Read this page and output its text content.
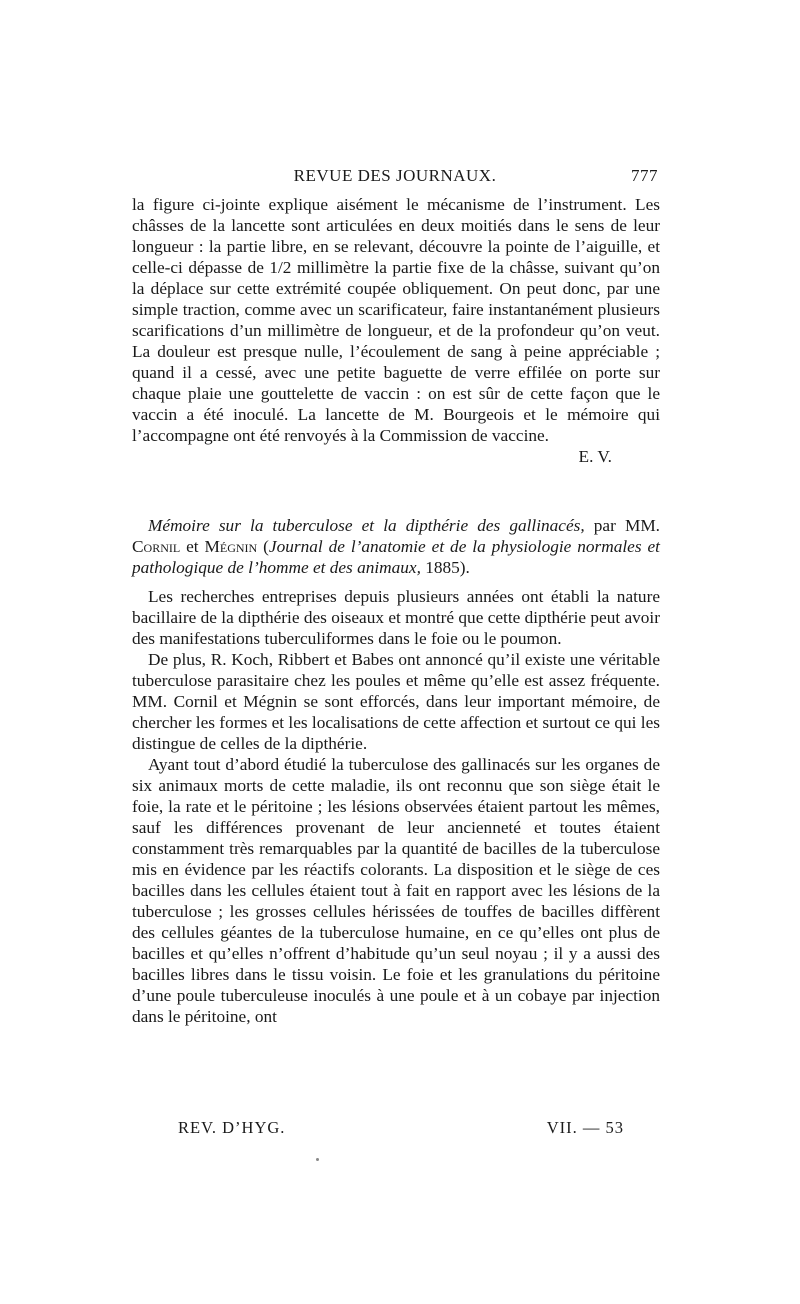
REVUE DES JOURNAUX.	777

la figure ci-jointe explique aisément le mécanisme de l’instrument. Les châsses de la lancette sont articulées en deux moitiés dans le sens de leur longueur : la partie libre, en se relevant, découvre la pointe de l’aiguille, et celle-ci dépasse de 1/2 millimètre la partie fixe de la châsse, suivant qu’on la déplace sur cette extrémité coupée obliquement. On peut donc, par une simple traction, comme avec un scarificateur, faire instantanément plusieurs scarifications d’un millimètre de longueur, et de la profondeur qu’on veut. La douleur est presque nulle, l’écoulement de sang à peine appréciable ; quand il a cessé, avec une petite baguette de verre effilée on porte sur chaque plaie une gouttelette de vaccin : on est sûr de cette façon que le vaccin a été inoculé. La lancette de M. Bourgeois et le mémoire qui l’accompagne ont été renvoyés à la Commission de vaccine.

E. V.

Mémoire sur la tuberculose et la dipthérie des gallinacés, par MM. Cornil et Mégnin (Journal de l’anatomie et de la physiologie normales et pathologique de l’homme et des animaux, 1885).

Les recherches entreprises depuis plusieurs années ont établi la nature bacillaire de la dipthérie des oiseaux et montré que cette dipthérie peut avoir des manifestations tuberculiformes dans le foie ou le poumon.

De plus, R. Koch, Ribbert et Babes ont annoncé qu’il existe une véritable tuberculose parasitaire chez les poules et même qu’elle est assez fréquente. MM. Cornil et Mégnin se sont efforcés, dans leur important mémoire, de chercher les formes et les localisations de cette affection et surtout ce qui les distingue de celles de la dipthérie.

Ayant tout d’abord étudié la tuberculose des gallinacés sur les organes de six animaux morts de cette maladie, ils ont reconnu que son siège était le foie, la rate et le péritoine ; les lésions observées étaient partout les mêmes, sauf les différences provenant de leur ancienneté et toutes étaient constamment très remarquables par la quantité de bacilles de la tuberculose mis en évidence par les réactifs colorants. La disposition et le siège de ces bacilles dans les cellules étaient tout à fait en rapport avec les lésions de la tuberculose ; les grosses cellules hérissées de touffes de bacilles diffèrent des cellules géantes de la tuberculose humaine, en ce qu’elles ont plus de bacilles et qu’elles n’offrent d’habitude qu’un seul noyau ; il y a aussi des bacilles libres dans le tissu voisin. Le foie et les granulations du péritoine d’une poule tuberculeuse inoculés à une poule et à un cobaye par injection dans le péritoine, ont

REV. D’HYG.	VII. — 53
